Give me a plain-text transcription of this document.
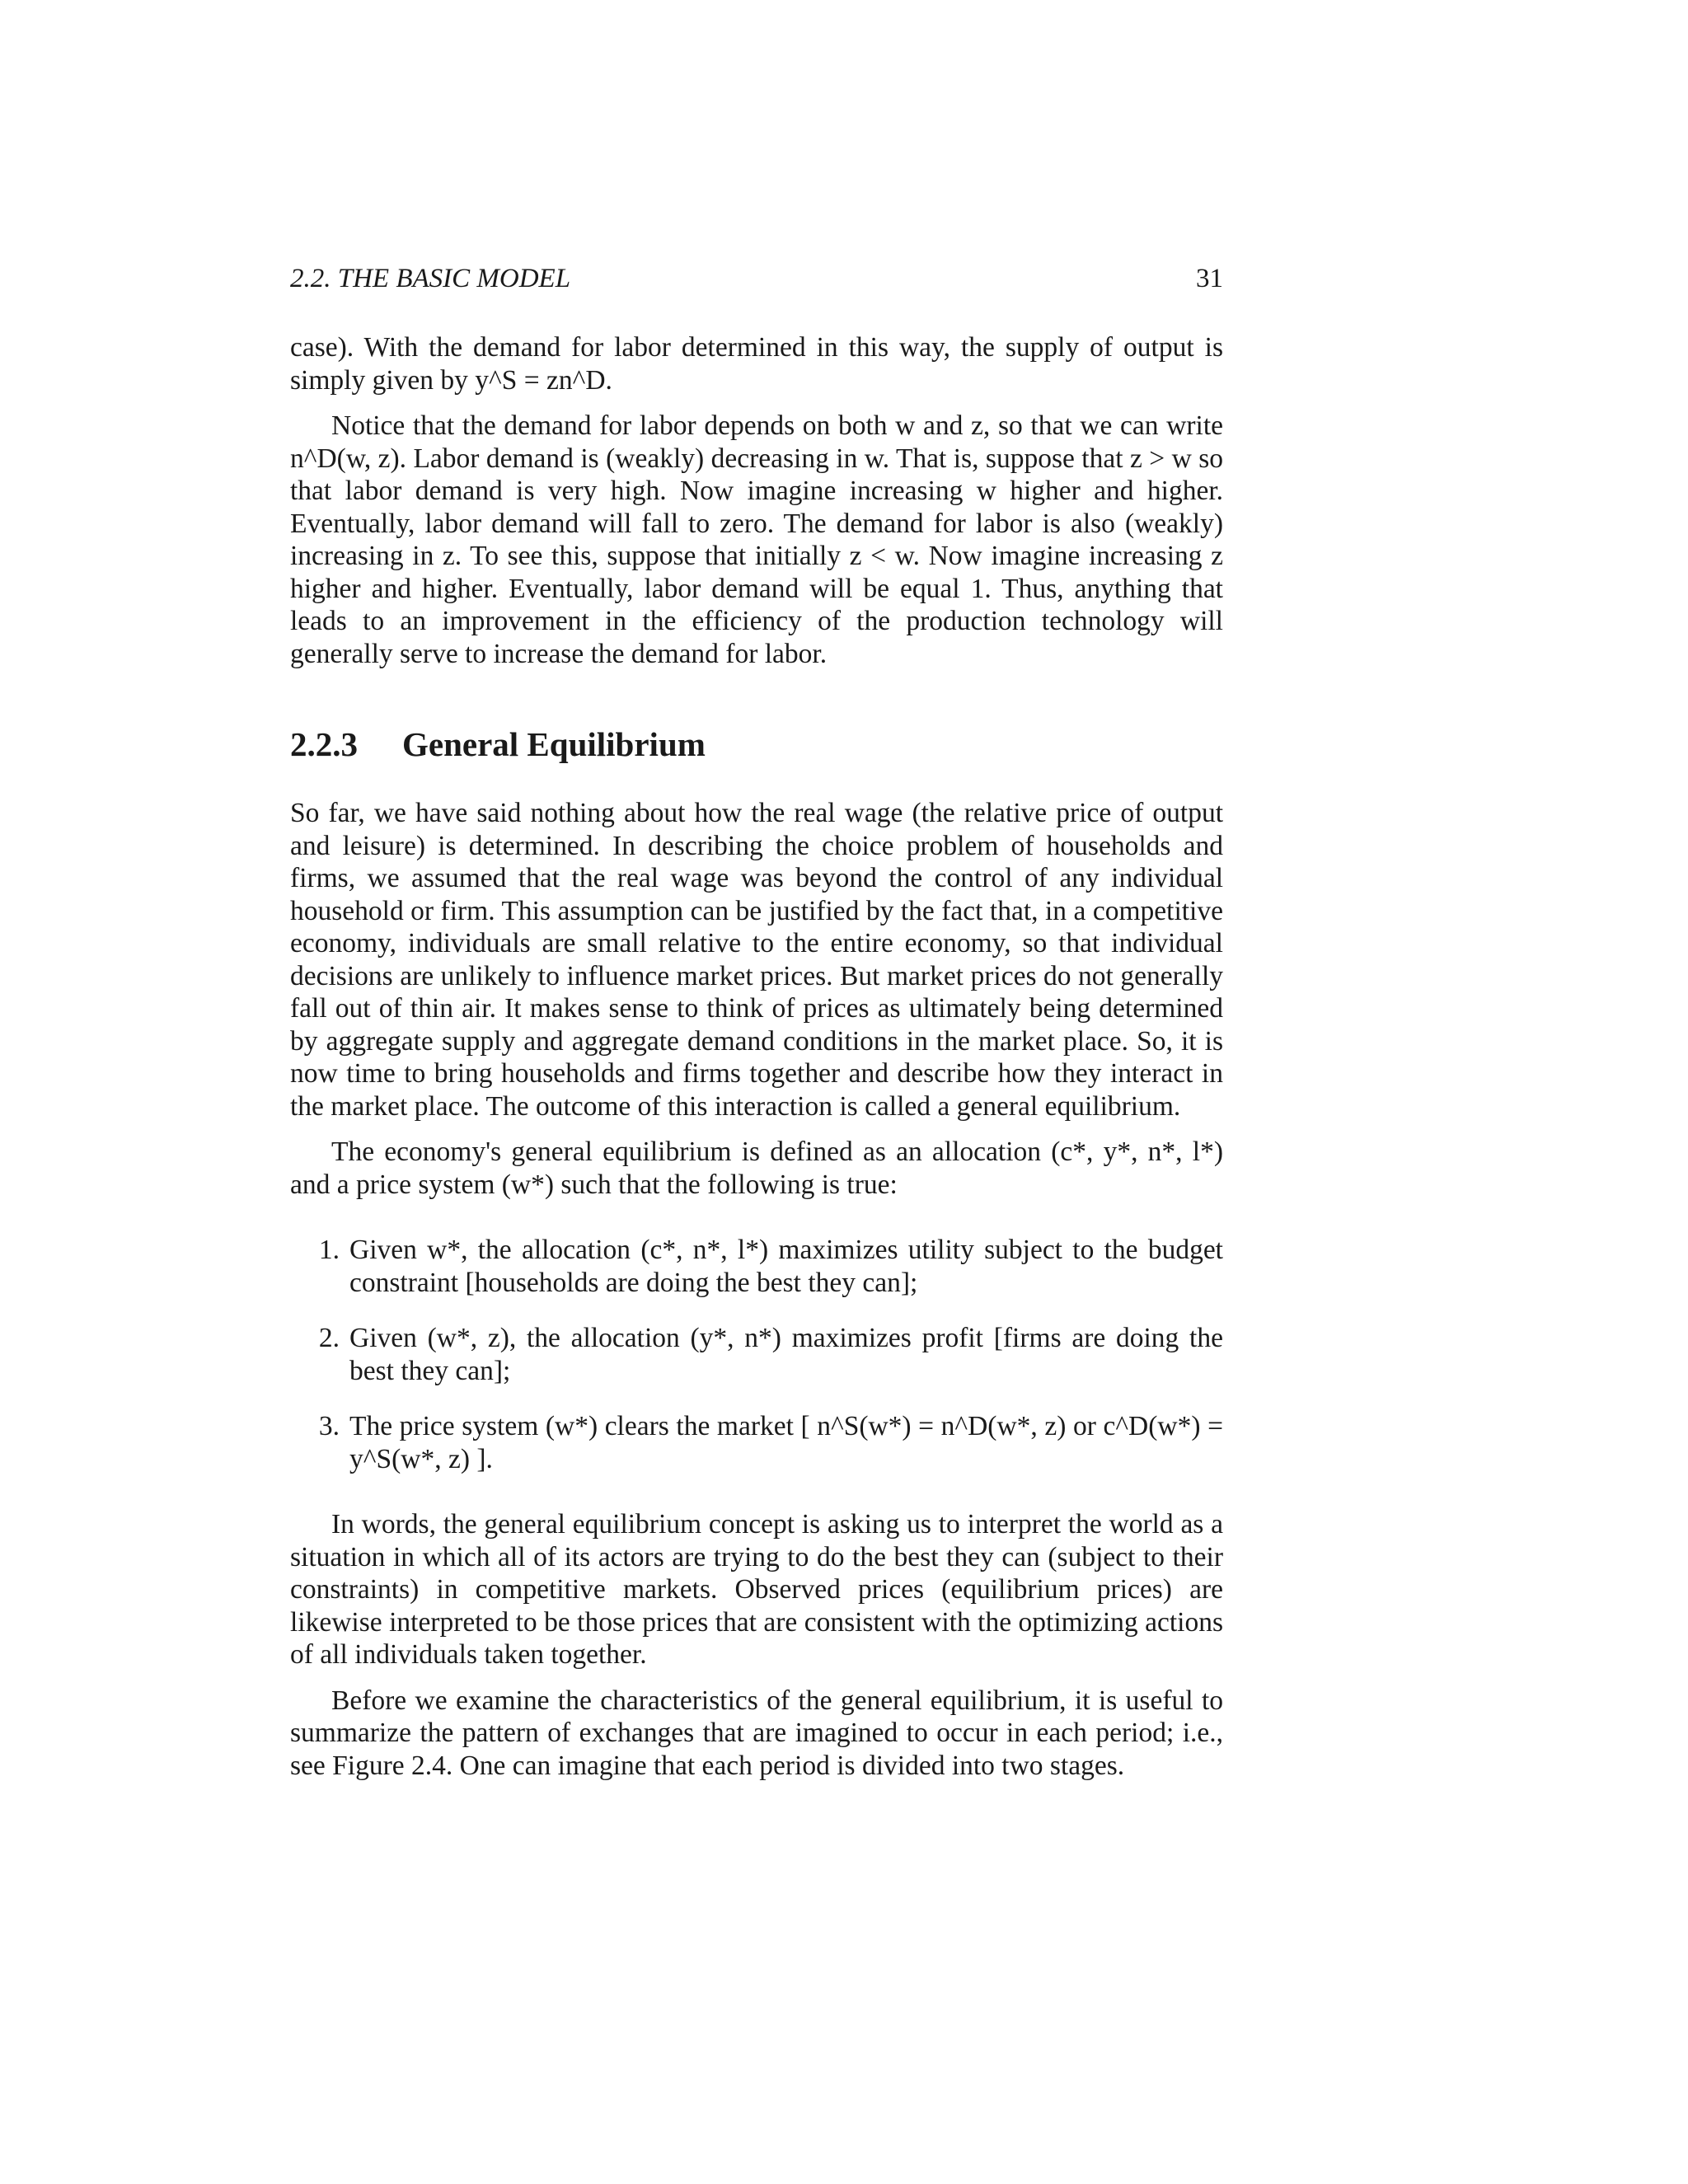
2.2. THE BASIC MODEL	31

case). With the demand for labor determined in this way, the supply of output is simply given by y^S = zn^D.

Notice that the demand for labor depends on both w and z, so that we can write n^D(w, z). Labor demand is (weakly) decreasing in w. That is, suppose that z > w so that labor demand is very high. Now imagine increasing w higher and higher. Eventually, labor demand will fall to zero. The demand for labor is also (weakly) increasing in z. To see this, suppose that initially z < w. Now imagine increasing z higher and higher. Eventually, labor demand will be equal 1. Thus, anything that leads to an improvement in the efficiency of the production technology will generally serve to increase the demand for labor.

2.2.3	General Equilibrium

So far, we have said nothing about how the real wage (the relative price of output and leisure) is determined. In describing the choice problem of households and firms, we assumed that the real wage was beyond the control of any individual household or firm. This assumption can be justified by the fact that, in a competitive economy, individuals are small relative to the entire economy, so that individual decisions are unlikely to influence market prices. But market prices do not generally fall out of thin air. It makes sense to think of prices as ultimately being determined by aggregate supply and aggregate demand conditions in the market place. So, it is now time to bring households and firms together and describe how they interact in the market place. The outcome of this interaction is called a general equilibrium.

The economy's general equilibrium is defined as an allocation (c*, y*, n*, l*) and a price system (w*) such that the following is true:

1. Given w*, the allocation (c*, n*, l*) maximizes utility subject to the budget constraint [households are doing the best they can];
2. Given (w*, z), the allocation (y*, n*) maximizes profit [firms are doing the best they can];
3. The price system (w*) clears the market [ n^S(w*) = n^D(w*, z) or c^D(w*) = y^S(w*, z) ].

In words, the general equilibrium concept is asking us to interpret the world as a situation in which all of its actors are trying to do the best they can (subject to their constraints) in competitive markets. Observed prices (equilibrium prices) are likewise interpreted to be those prices that are consistent with the optimizing actions of all individuals taken together.

Before we examine the characteristics of the general equilibrium, it is useful to summarize the pattern of exchanges that are imagined to occur in each period; i.e., see Figure 2.4. One can imagine that each period is divided into two stages.
